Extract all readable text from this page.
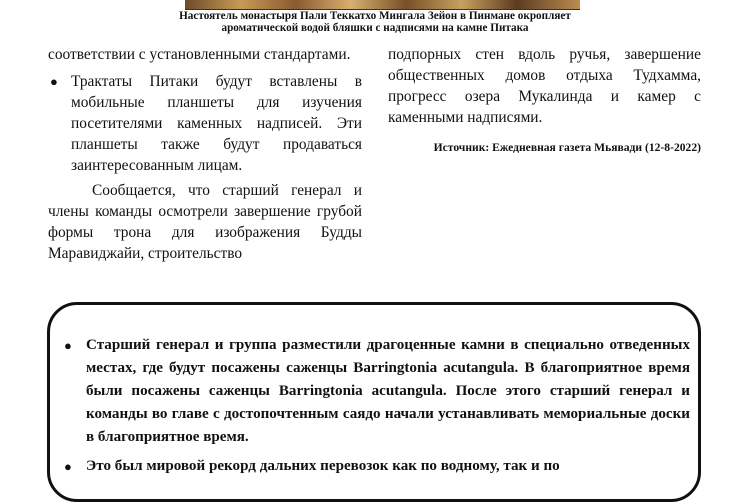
Настоятель монастыря Пали Теккатхо Мингала Зейон в Пинмане окропляет
ароматической водой бляшки с надписями на камне Питака

соответствии с установленными стандартами.

● Трактаты Питаки будут вставлены в мобильные планшеты для изучения посетителями каменных надписей. Эти планшеты также будут продаваться заинтересованным лицам.

Сообщается, что старший генерал и члены команды осмотрели завершение грубой формы трона для изображения Будды Маравиджайи, строительство

подпорных стен вдоль ручья, завершение общественных домов отдыха Тудхамма, прогресс озера Мукалинда и камер с каменными надписями.

Источник: Ежедневная газета Мьявади (12-8-2022)

● Старший генерал и группа разместили драгоценные камни в специально отведенных местах, где будут посажены саженцы Barringtonia acutangula. В благоприятное время были посажены саженцы Barringtonia acutangula. После этого старший генерал и команды во главе с достопочтенным саядо начали устанавливать мемориальные доски в благоприятное время.
● Это был мировой рекорд дальних перевозок как по водному, так и по
